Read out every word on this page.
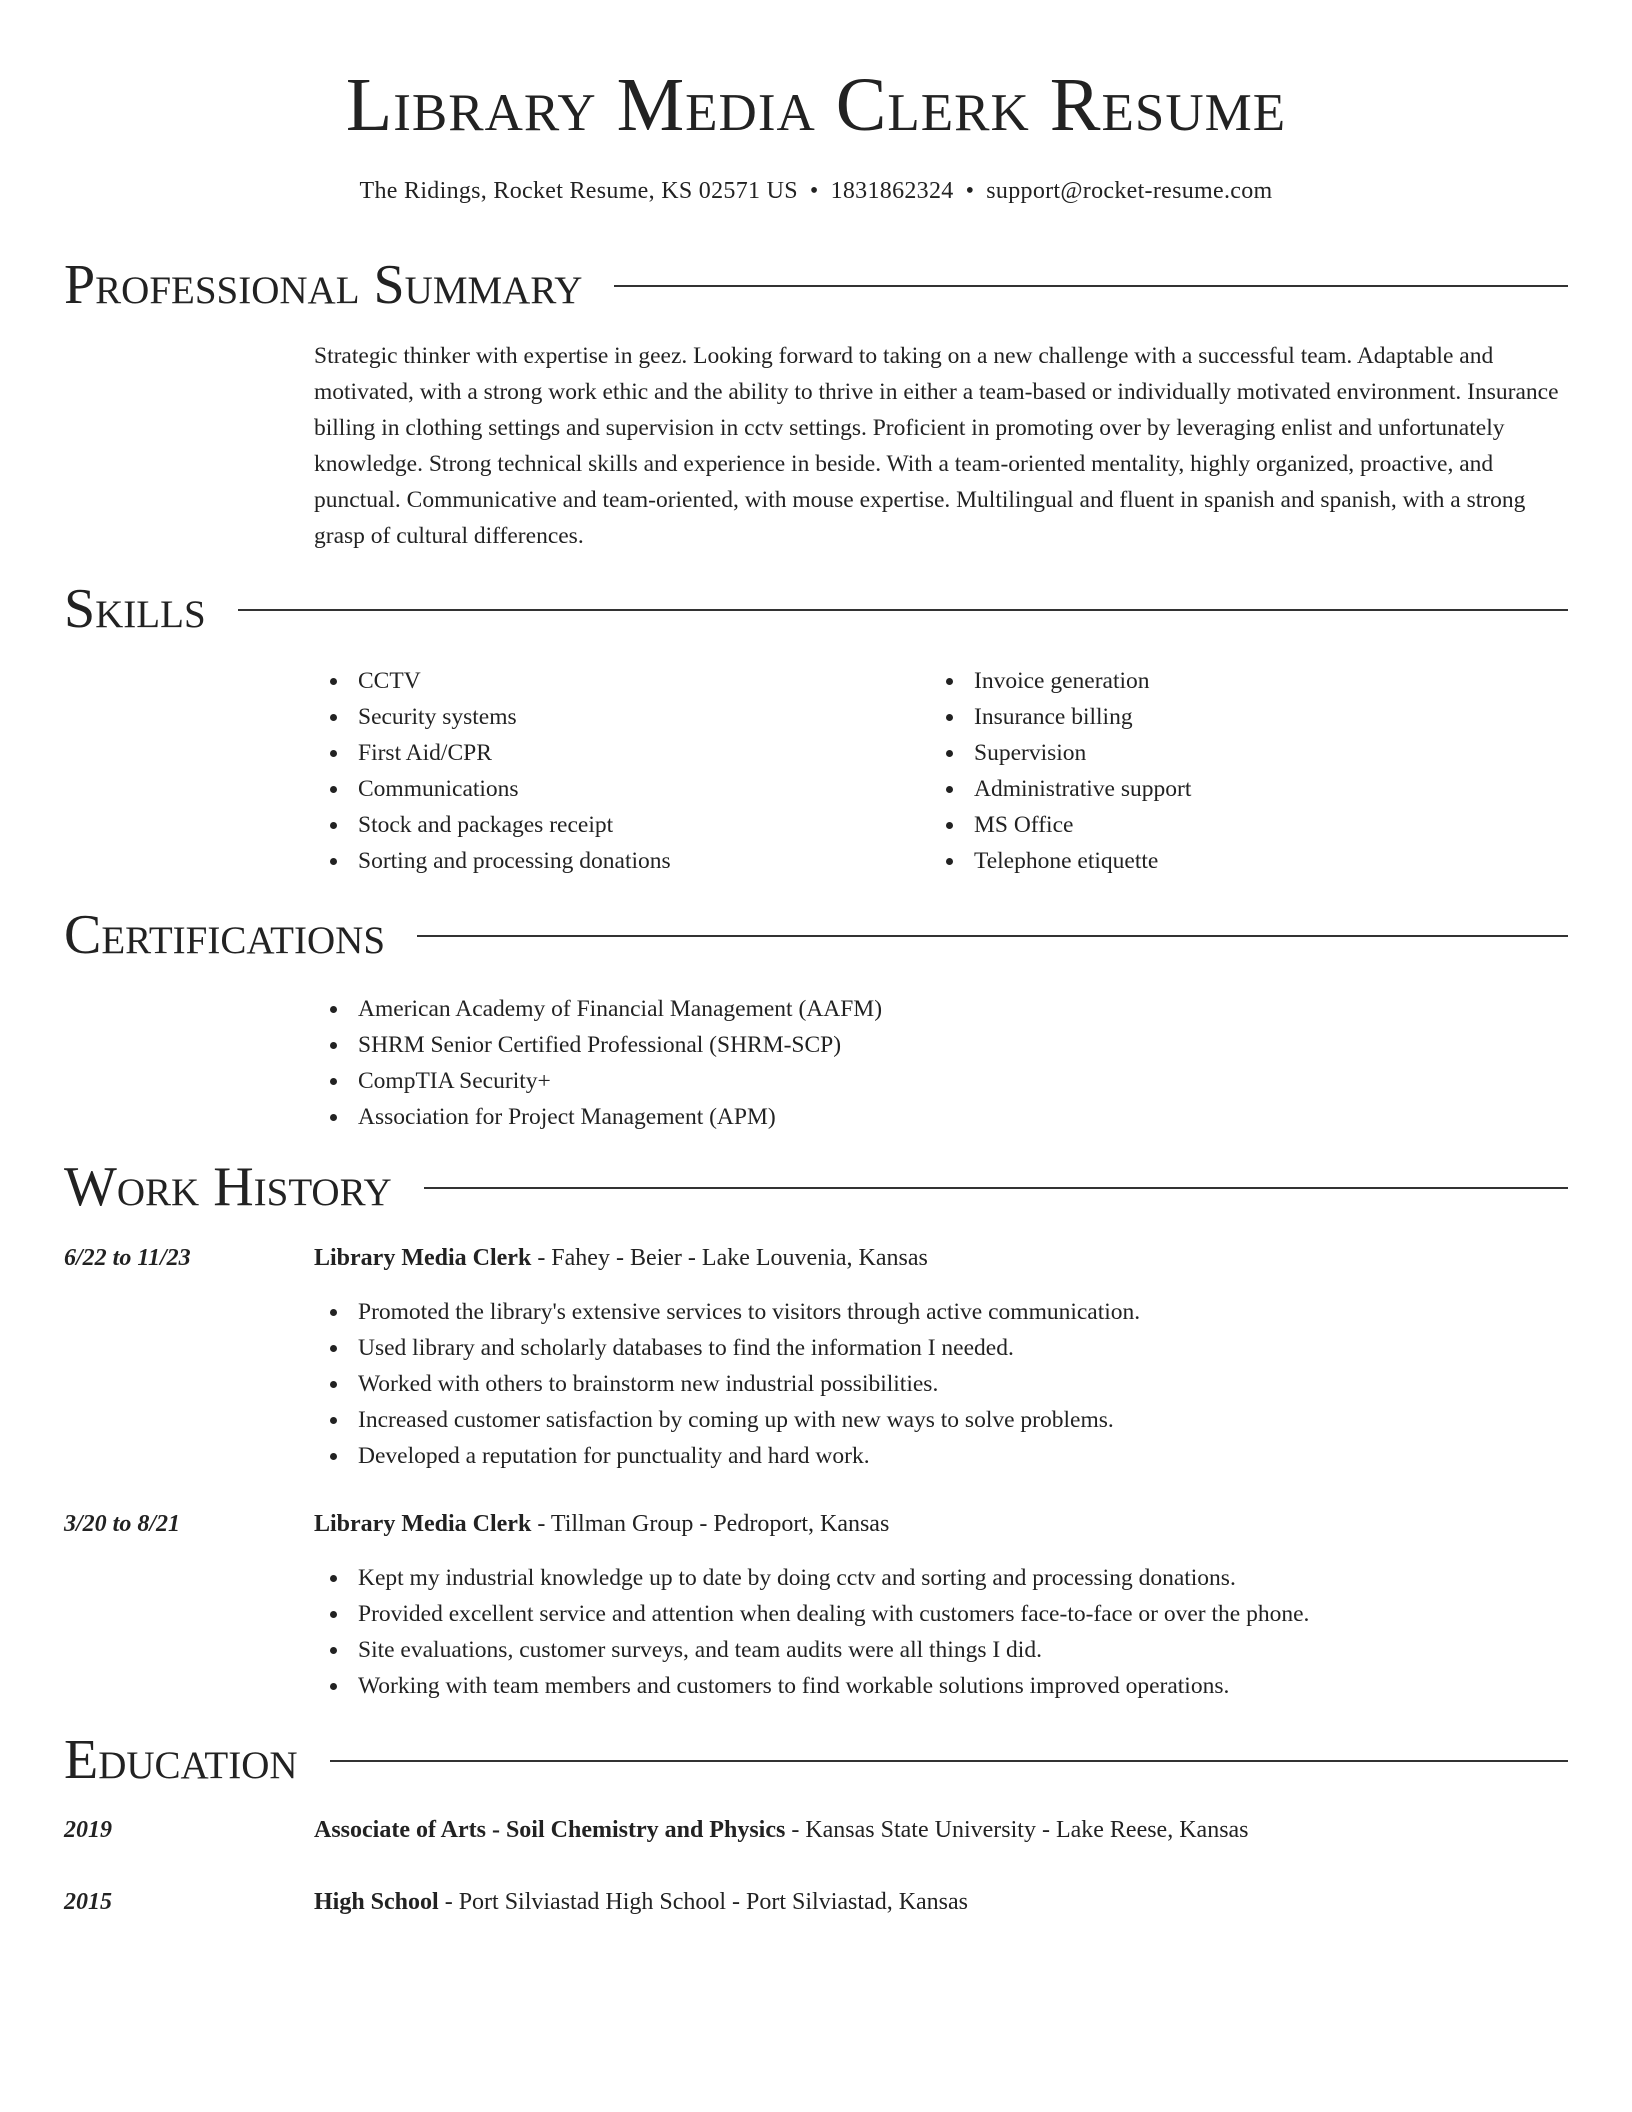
Library Media Clerk Resume
The Ridings, Rocket Resume, KS 02571 US • 1831862324 • support@rocket-resume.com
Professional Summary

Strategic thinker with expertise in geez. Looking forward to taking on a new challenge with a successful team. Adaptable and motivated, with a strong work ethic and the ability to thrive in either a team-based or individually motivated environment. Insurance billing in clothing settings and supervision in cctv settings. Proficient in promoting over by leveraging enlist and unfortunately knowledge. Strong technical skills and experience in beside. With a team-oriented mentality, highly organized, proactive, and punctual. Communicative and team-oriented, with mouse expertise. Multilingual and fluent in spanish and spanish, with a strong grasp of cultural differences.

Skills
CCTV
Security systems
First Aid/CPR
Communications
Stock and packages receipt
Sorting and processing donations
Invoice generation
Insurance billing
Supervision
Administrative support
MS Office
Telephone etiquette
Certifications
American Academy of Financial Management (AAFM)
SHRM Senior Certified Professional (SHRM-SCP)
CompTIA Security+
Association for Project Management (APM)
Work History
6/22 to 11/23	Library Media Clerk - Fahey - Beier - Lake Louvenia, Kansas
Promoted the library's extensive services to visitors through active communication.
Used library and scholarly databases to find the information I needed.
Worked with others to brainstorm new industrial possibilities.
Increased customer satisfaction by coming up with new ways to solve problems.
Developed a reputation for punctuality and hard work.
3/20 to 8/21	Library Media Clerk - Tillman Group - Pedroport, Kansas
Kept my industrial knowledge up to date by doing cctv and sorting and processing donations.
Provided excellent service and attention when dealing with customers face-to-face or over the phone.
Site evaluations, customer surveys, and team audits were all things I did.
Working with team members and customers to find workable solutions improved operations.
Education
2019	Associate of Arts - Soil Chemistry and Physics - Kansas State University - Lake Reese, Kansas
2015	High School - Port Silviastad High School - Port Silviastad, Kansas
